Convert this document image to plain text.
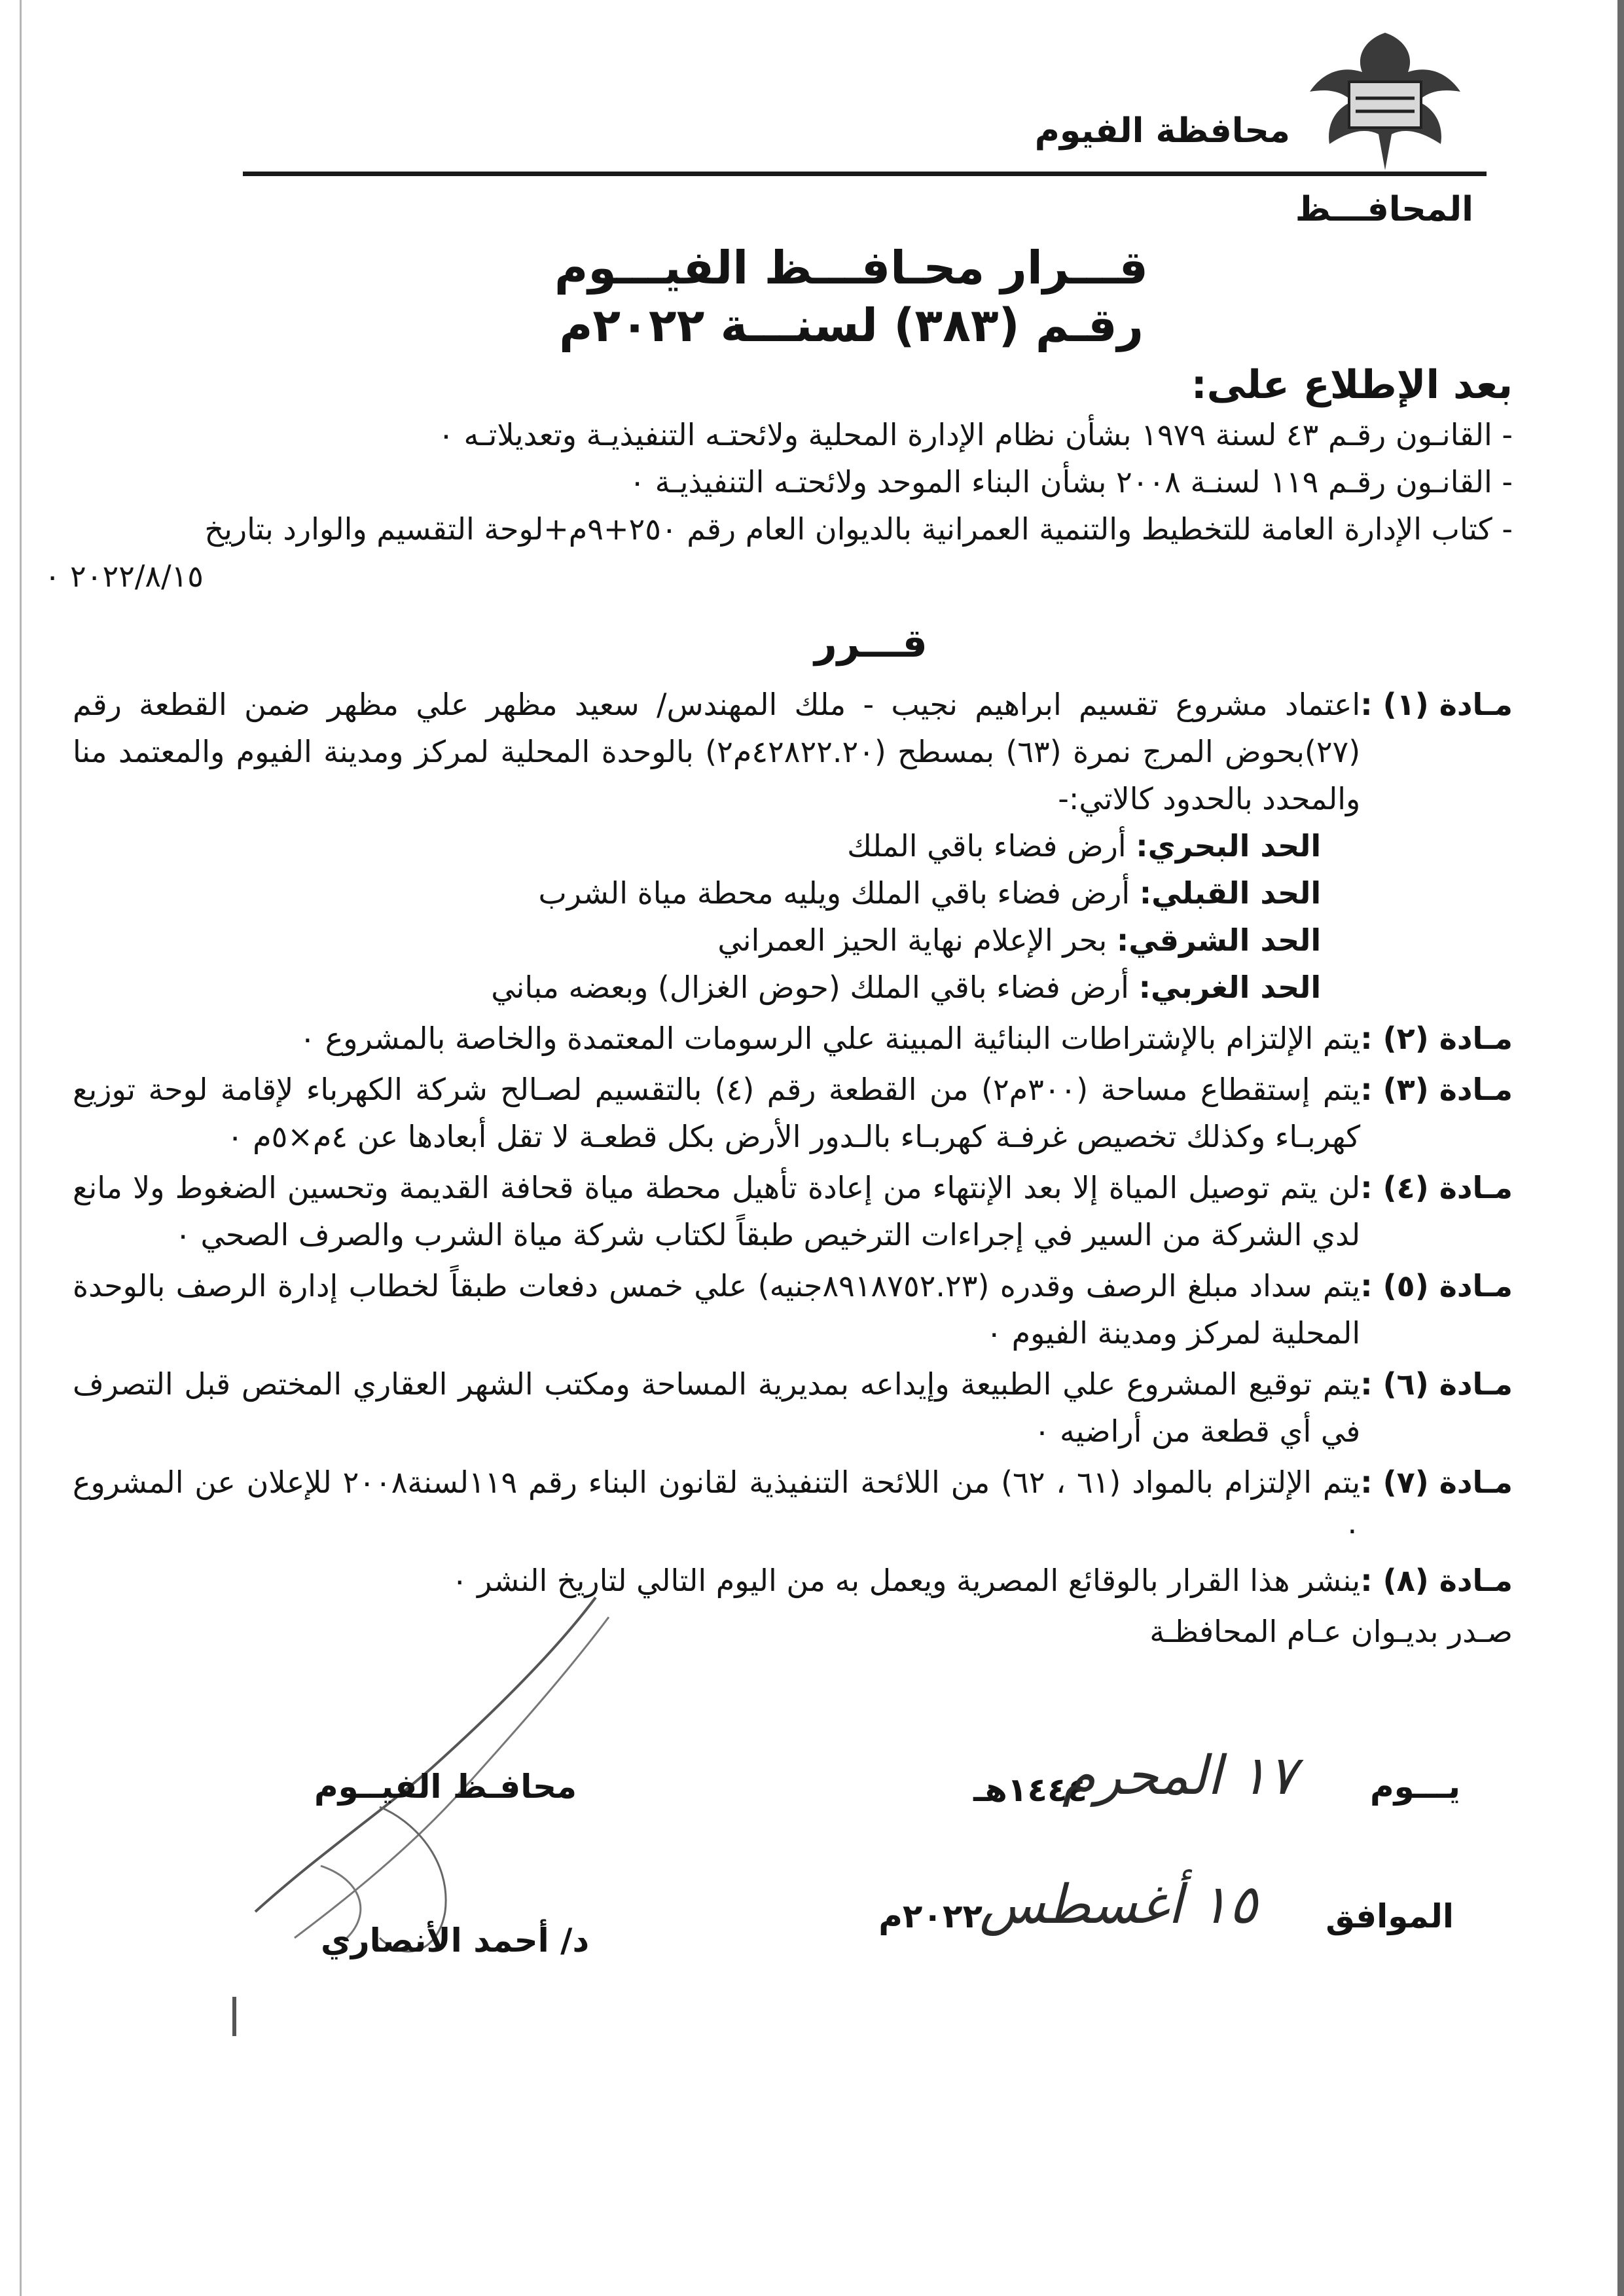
محافظة الفيوم
المحافـــظ
قـــرار محـافـــظ الفيـــوم
رقـم (٣٨٣) لسنـــة ٢٠٢٢م
بعد الإطلاع على:

- القانـون رقـم ٤٣ لسنة ١٩٧٩ بشأن نظام الإدارة المحلية ولائحتـه التنفيذيـة وتعديلاتـه ٠

- القانـون رقـم ١١٩ لسنـة ٢٠٠٨ بشأن البناء الموحد ولائحتـه التنفيذيـة ٠

- كتاب الإدارة العامة للتخطيط والتنمية العمرانية بالديوان العام رقم ٢٥٠+٩م+لوحة التقسيم والوارد بتاريخ

٢٠٢٢/٨/١٥ ٠

قـــرر
مـادة (١) :

اعتماد مشروع تقسيم ابراهيم نجيب - ملك المهندس/ سعيد مظهر علي مظهر ضمن القطعة رقم (٢٧)بحوض المرج نمرة (٦٣) بمسطح (٤٢٨٢٢.٢٠م٢) بالوحدة المحلية لمركز ومدينة الفيوم والمعتمد منا والمحدد بالحدود كالاتي:-

الحد البحري: أرض فضاء باقي الملك

الحد القبلي: أرض فضاء باقي الملك ويليه محطة مياة الشرب

الحد الشرقي: بحر الإعلام نهاية الحيز العمراني

الحد الغربي: أرض فضاء باقي الملك (حوض الغزال) وبعضه مباني

مـادة (٢) :
يتم الإلتزام بالإشتراطات البنائية المبينة علي الرسومات المعتمدة والخاصة بالمشروع ٠
مـادة (٣) :
يتم إستقطاع مساحة (٣٠٠م٢) من القطعة رقم (٤) بالتقسيم لصـالح شركة الكهرباء لإقامة لوحة توزيع كهربـاء وكذلك تخصيص غرفـة كهربـاء بالـدور الأرض بكل قطعـة لا تقل أبعادها عن ٤م×٥م ٠
مـادة (٤) :
لن يتم توصيل المياة إلا بعد الإنتهاء من إعادة تأهيل محطة مياة قحافة القديمة وتحسين الضغوط ولا مانع لدي الشركة من السير في إجراءات الترخيص طبقاً لكتاب شركة مياة الشرب والصرف الصحي ٠
مـادة (٥) :
يتم سداد مبلغ الرصف وقدره (٨٩١٨٧٥٢.٢٣جنيه) علي خمس دفعات طبقاً لخطاب إدارة الرصف بالوحدة المحلية لمركز ومدينة الفيوم ٠
مـادة (٦) :
يتم توقيع المشروع علي الطبيعة وإيداعه بمديرية المساحة ومكتب الشهر العقاري المختص قبل التصرف في أي قطعة من أراضيه ٠
مـادة (٧) :
يتم الإلتزام بالمواد (٦١ ، ٦٢) من اللائحة التنفيذية لقانون البناء رقم ١١٩لسنة٢٠٠٨ للإعلان عن المشروع ٠
مـادة (٨) :
ينشر هذا القرار بالوقائع المصرية ويعمل به من اليوم التالي لتاريخ النشر ٠
صـدر بديـوان عـام المحافظـة
محافـظ الفيــوم	١٤٤٤هـ	يـــوم
١٧ المحرم
الموافق
١٥ أغسطس
٢٠٢٢م
د/ أحمد الأنصاري
